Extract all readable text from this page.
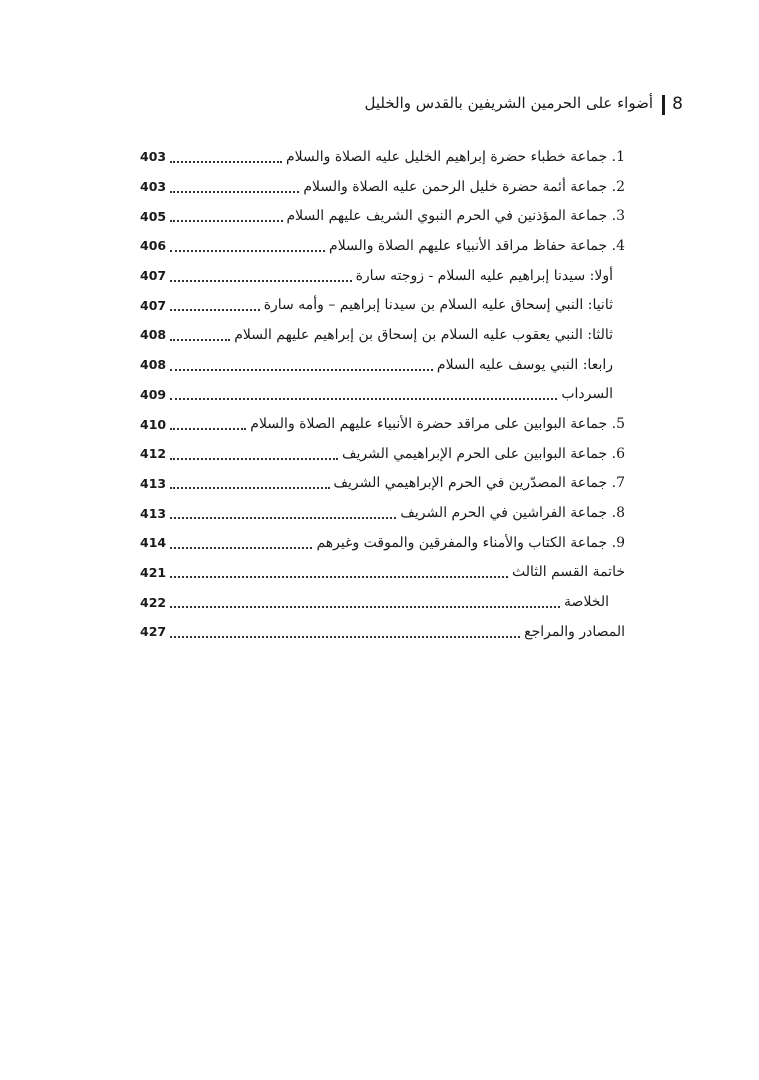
8
أضواء على الحرمين الشريفين بالقدس والخليل
1. جماعة خطباء حضرة إبراهيم الخليل عليه الصلاة والسلام
403
2. جماعة أئمة حضرة خليل الرحمن عليه الصلاة والسلام
403
3. جماعة المؤذنين في الحرم النبوي الشريف عليهم السلام
405
4. جماعة حفاظ مراقد الأنبياء عليهم الصلاة والسلام
406
أولا: سيدنا إبراهيم عليه السلام - زوجته سارة
407
ثانيا: النبي إسحاق عليه السلام بن سيدنا إبراهيم – وأمه سارة
407
ثالثا: النبي يعقوب عليه السلام بن إسحاق بن إبراهيم عليهم السلام
408
رابعا: النبي يوسف عليه السلام
408
السرداب
409
5. جماعة البوابين على مراقد حضرة الأنبياء عليهم الصلاة والسلام
410
6. جماعة البوابين على الحرم الإبراهيمي الشريف
412
7. جماعة المصدّرين في الحرم الإبراهيمي الشريف
413
8. جماعة الفراشين في الحرم الشريف
413
9. جماعة الكتاب والأمناء والمفرقين والموقت وغيرهم
414
خاتمة القسم الثالث
421
الخلاصة
422
المصادر والمراجع
427
